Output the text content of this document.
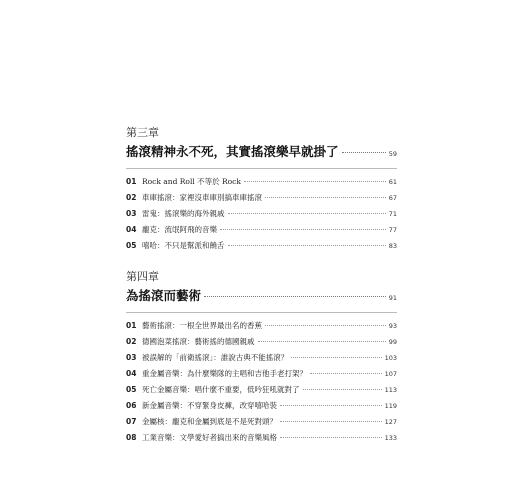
第三章
搖滾精神永不死，其實搖滾樂早就掛了	59
01 Rock and Roll 不等於 Rock	61
02 車庫搖滾：家裡沒車庫別搞車庫搖滾	67
03 雷鬼：搖滾樂的海外親戚	71
04 龐克：流氓阿飛的音樂	77
05 嘻哈：不只是幫派和饒舌	83
第四章
為搖滾而藝術	91
01 藝術搖滾：一根全世界最出名的香蕉	93
02 德國泡菜搖滾：藝術搖的德國親戚	99
03 被誤解的「前衛搖滾」：誰說古典不能搖滾？	103
04 重金屬音樂：為什麼樂隊的主唱和吉他手老打架？	107
05 死亡金屬音樂：唱什麼不重要，低吟狂吼就對了	113
06 新金屬音樂：不穿緊身皮褲，改穿嘻哈裝	119
07 金屬核：龐克和金屬到底是不是死對頭？	127
08 工業音樂：文學愛好者搞出來的音樂風格	133
